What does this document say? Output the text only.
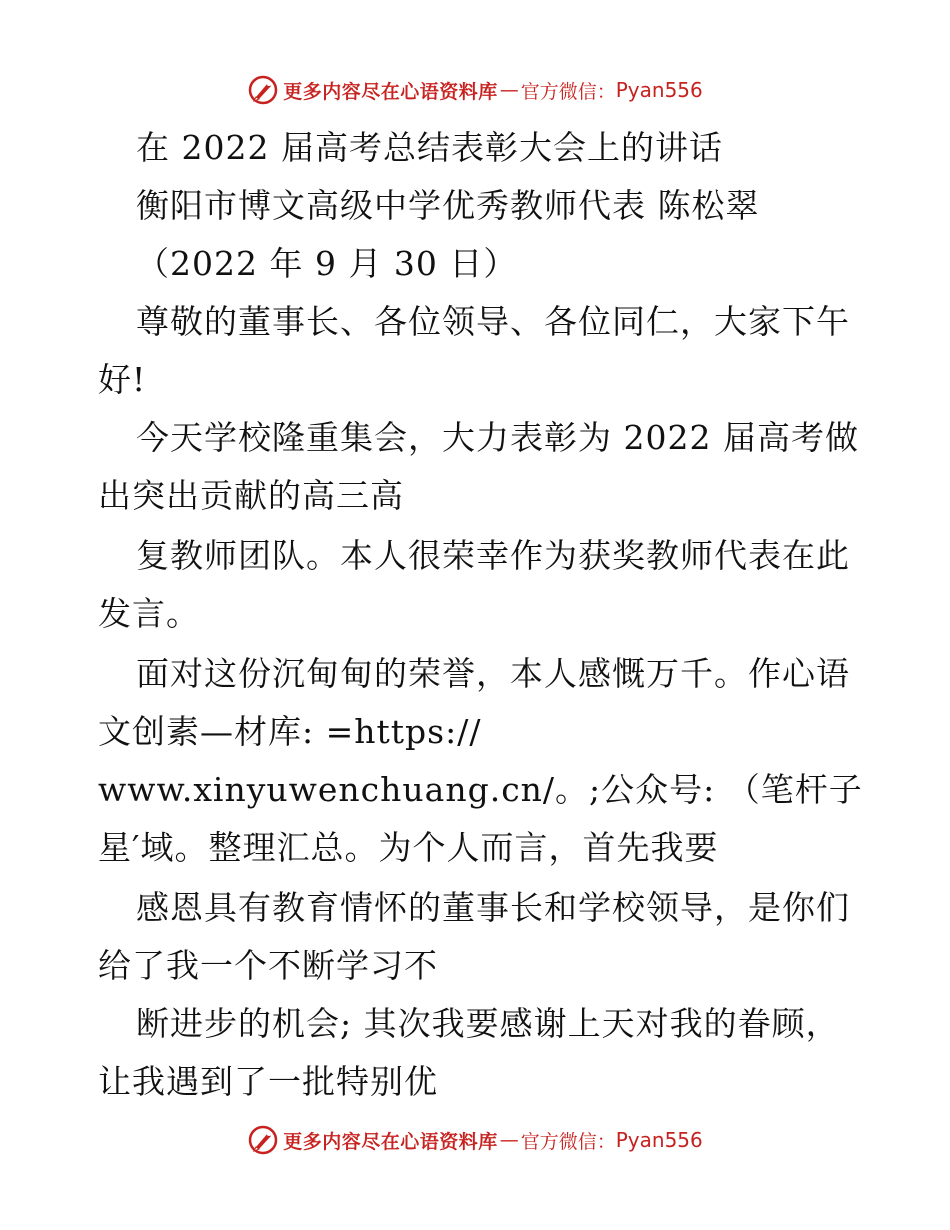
更多内容尽在心语资料库 — 官方微信： Pyan556
在 2022 届高考总结表彰大会上的讲话
衡阳市博文高级中学优秀教师代表 陈松翠
（2022 年 9 月 30 日）
尊敬的董事长、各位领导、各位同仁，大家下午
好!
今天学校隆重集会，大力表彰为 2022 届高考做
出突出贡献的高三高
复教师团队。本人很荣幸作为获奖教师代表在此
发言。
面对这份沉甸甸的荣誉，本人感慨万千。作心语
文创素—材库: =https://
www.xinyuwenchuang.cn/。;公众号: （笔杆子
星′域。整理汇总。为个人而言，首先我要
感恩具有教育情怀的董事长和学校领导，是你们
给了我一个不断学习不
断进步的机会; 其次我要感谢上天对我的眷顾，
让我遇到了一批特别优
更多内容尽在心语资料库 — 官方微信： Pyan556
